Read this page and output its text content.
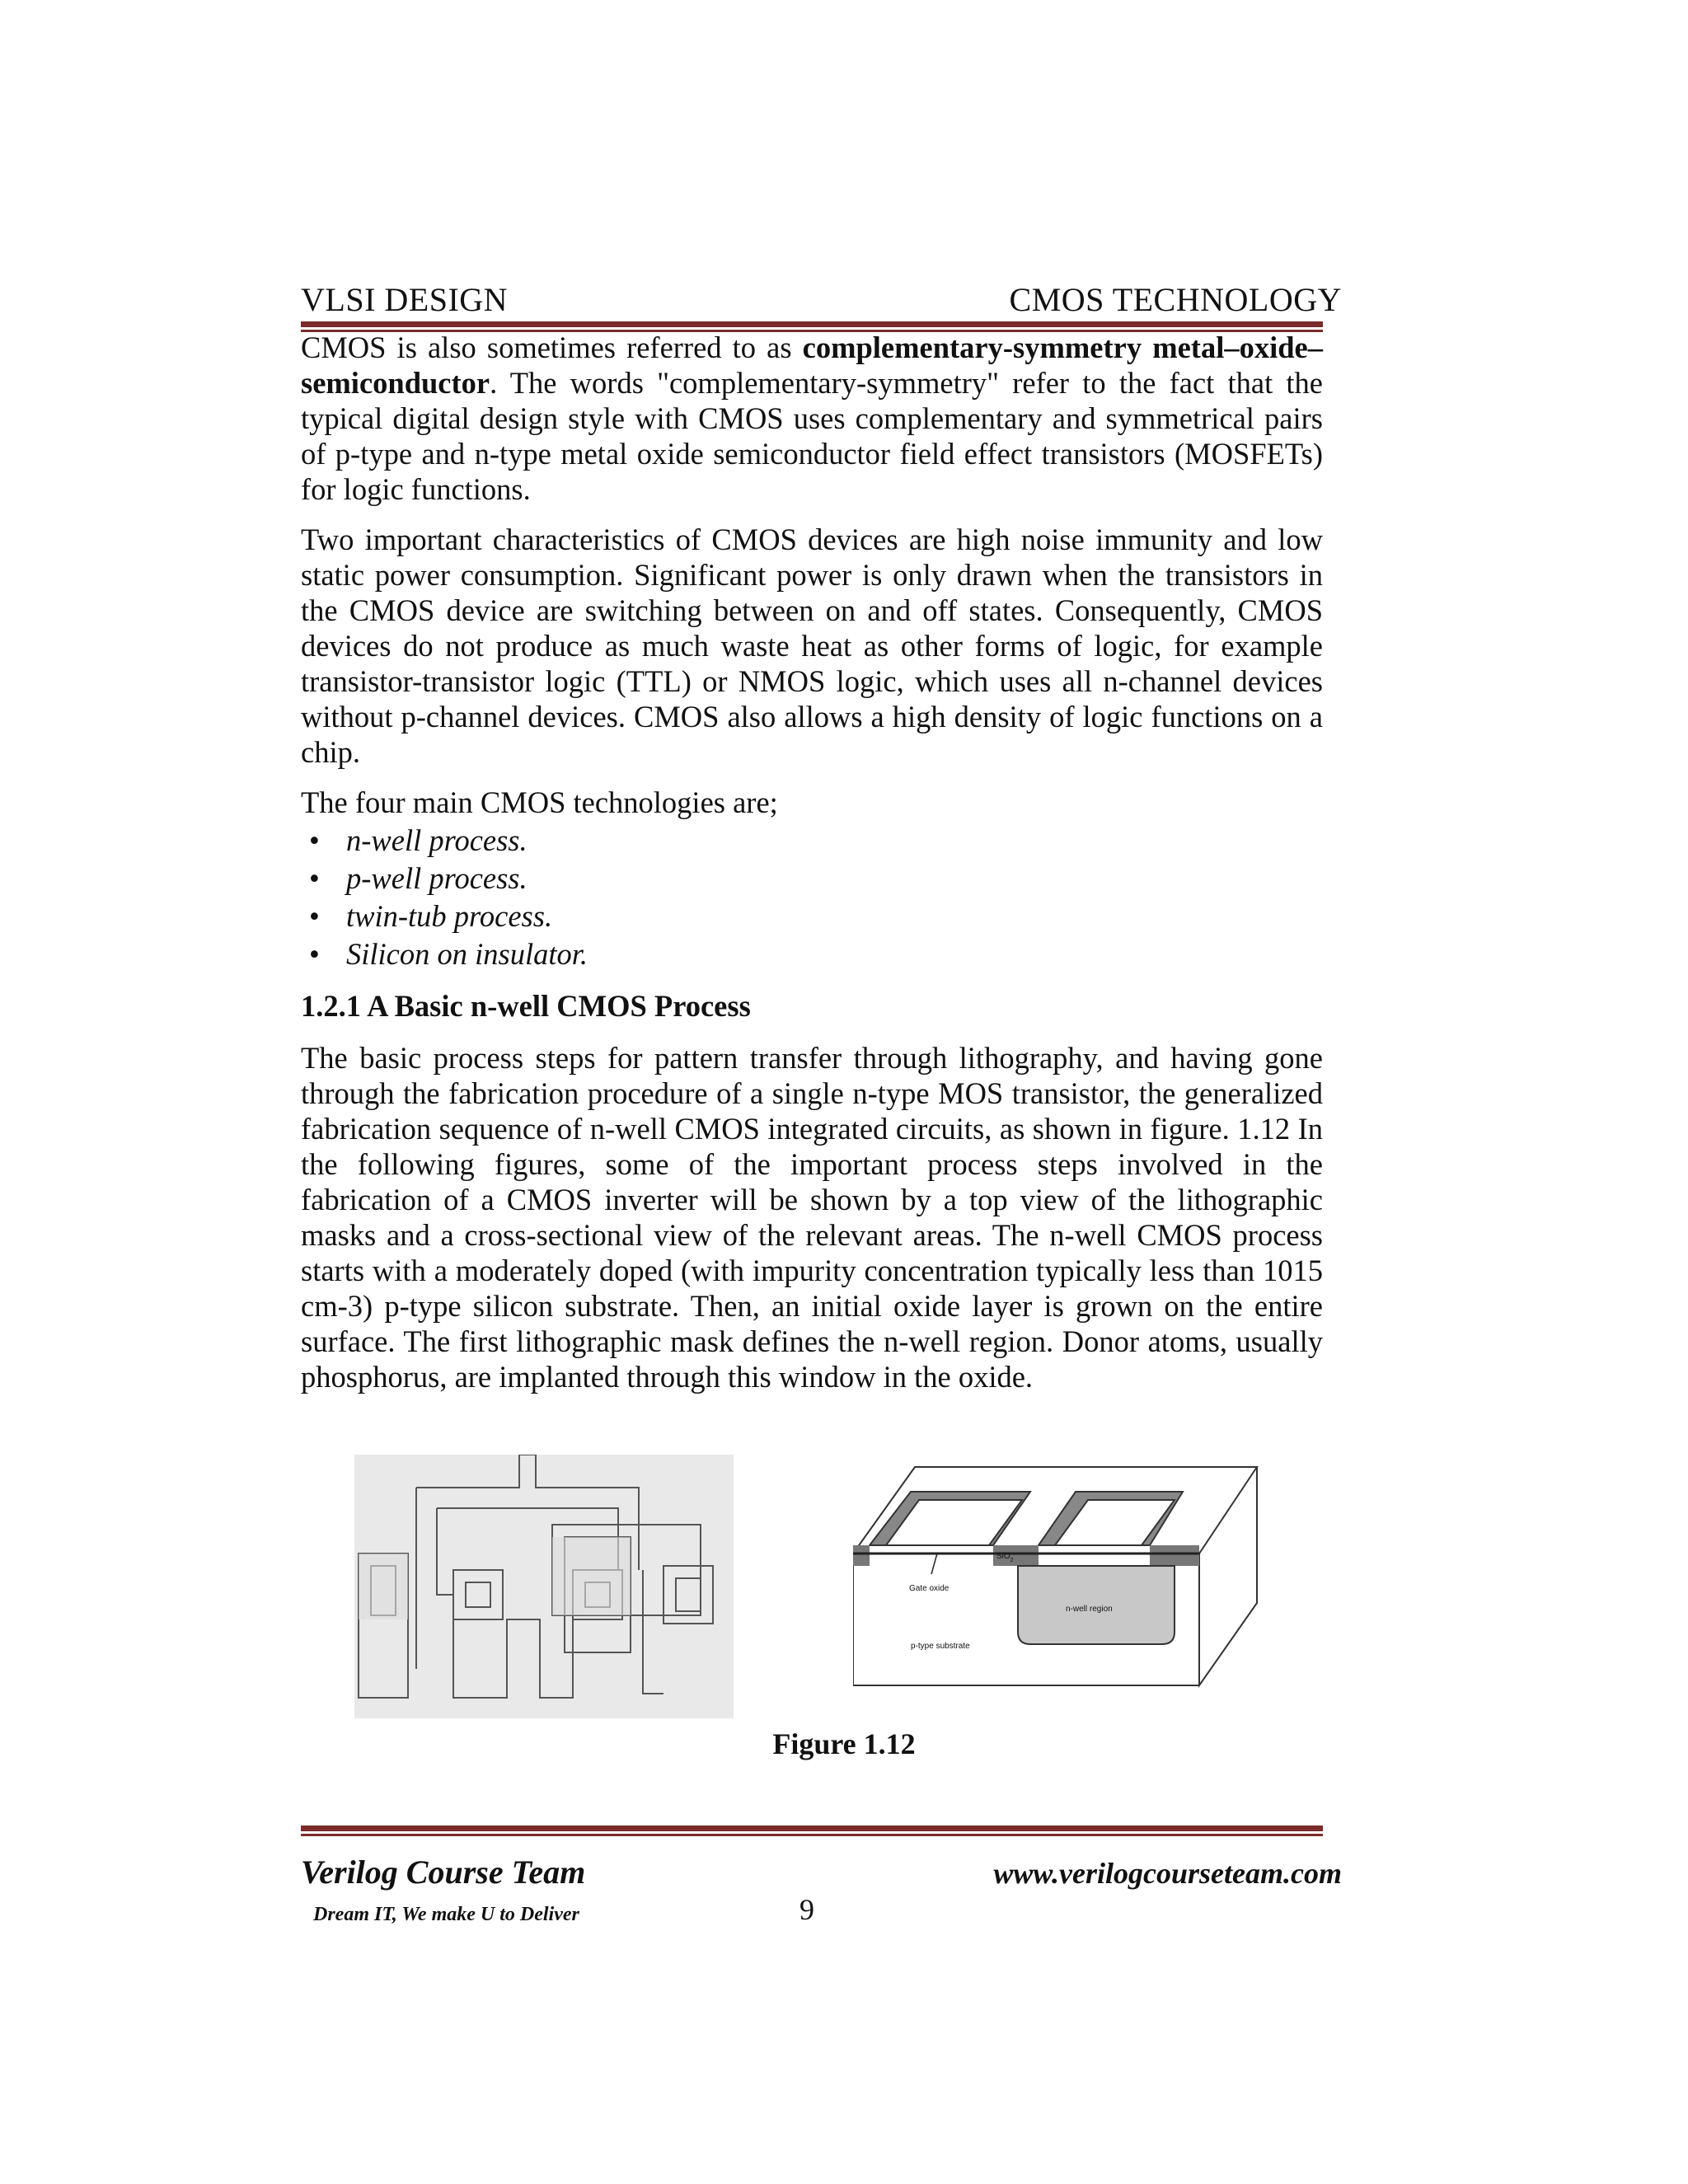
VLSI DESIGN	CMOS TECHNOLOGY

CMOS is also sometimes referred to as complementary-symmetry metal–oxide–semiconductor. The words "complementary-symmetry" refer to the fact that the typical digital design style with CMOS uses complementary and symmetrical pairs of p-type and n-type metal oxide semiconductor field effect transistors (MOSFETs) for logic functions.

Two important characteristics of CMOS devices are high noise immunity and low static power consumption. Significant power is only drawn when the transistors in the CMOS device are switching between on and off states. Consequently, CMOS devices do not produce as much waste heat as other forms of logic, for example transistor-transistor logic (TTL) or NMOS logic, which uses all n-channel devices without p-channel devices. CMOS also allows a high density of logic functions on a chip.

The four main CMOS technologies are;

• n-well process.
• p-well process.
• twin-tub process.
• Silicon on insulator.
1.2.1 A Basic n-well CMOS Process

The basic process steps for pattern transfer through lithography, and having gone through the fabrication procedure of a single n-type MOS transistor, the generalized fabrication sequence of n-well CMOS integrated circuits, as shown in figure. 1.12 In the following figures, some of the important process steps involved in the fabrication of a CMOS inverter will be shown by a top view of the lithographic masks and a cross-sectional view of the relevant areas. The n-well CMOS process starts with a moderately doped (with impurity concentration typically less than 1015 cm-3) p-type silicon substrate. Then, an initial oxide layer is grown on the entire surface. The first lithographic mask defines the n-well region. Donor atoms, usually phosphorus, are implanted through this window in the oxide.

SiO$_2$
Gate oxide
n-well region
p-type substrate
Figure 1.12
Verilog Course Team	www.verilogcourseteam.com
Dream IT, We make U to Deliver	9
